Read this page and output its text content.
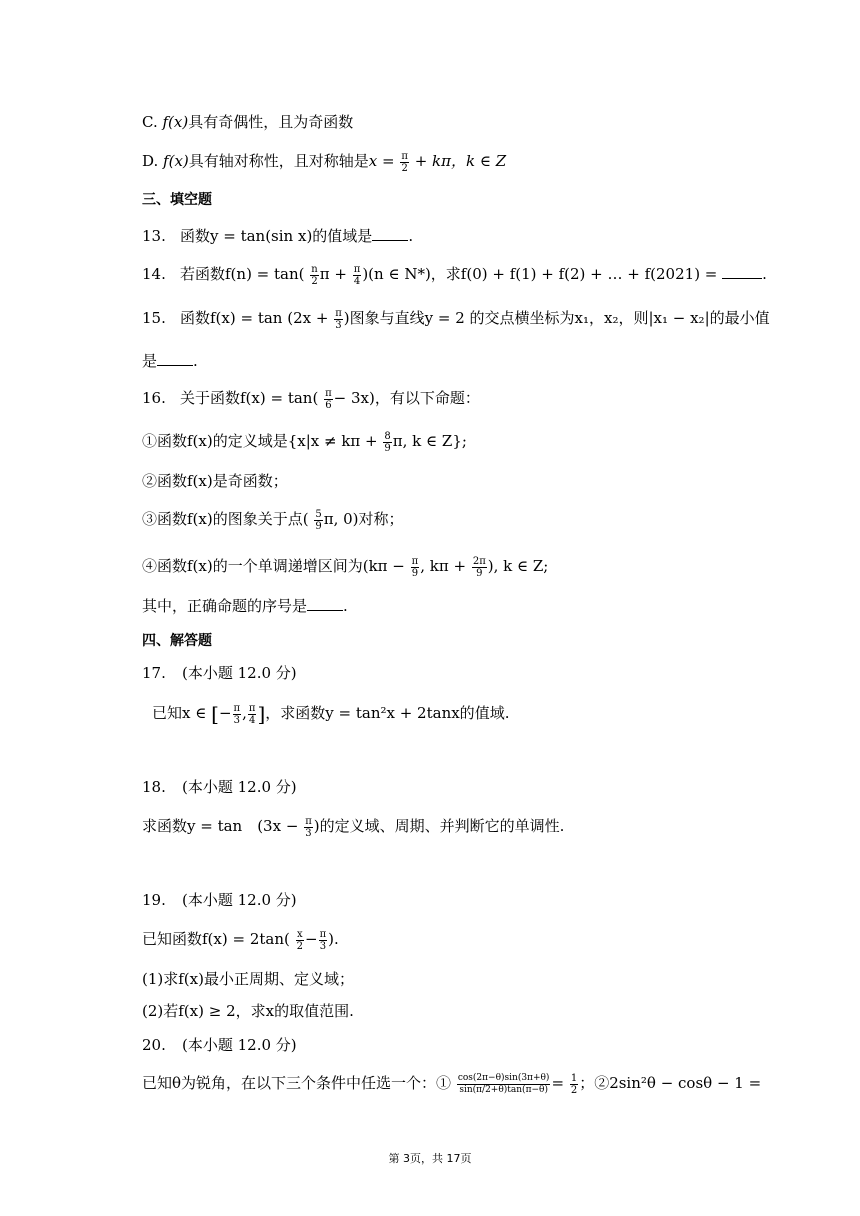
C. f(x)具有奇偶性，且为奇函数
D. f(x)具有轴对称性，且对称轴是$x = \frac{\pi}{2} + k\pi$，k ∈ Z
三、填空题
13. 函数y = tan(sin x)的值域是 .
14. 若函数$f(n) = \tan( \frac{n}{2}$ $\pi + \frac{\pi}{4} )(n$ ∈ N*)，求f(0) + f(1) + f(2) + … + f(2021) =	.
15. 函数$f(x) = \tan (2x + \frac{\pi}{3}$ )图象与直线y = 2 的交点横坐标为x₁，x₂，则|x₁ − x₂|的最小值
是 .
16. 关于函数$f(x) = \tan( \frac{\pi}{6} - 3x)$，有以下命题：
①函数f(x)的定义域是{$x|x \ne k\pi + \frac{8}{9} \pi$, k ∈ Z};
②函数f(x)是奇函数；
③函数f(x)的图象关于点( $\frac{5}{9} \pi$, 0)对称；
④函数f(x)的一个单调递增区间为($k\pi - \frac{\pi}{9}$ , $k\pi + \frac{2\pi}{9}$ ), k ∈ Z;
其中，正确命题的序号是 .
四、解答题
17. (本小题 12.0 分)
已知x ∈ [− $\frac{\pi}{3}$ , $\frac{\pi}{4}$ ]，求函数y = tan²x + 2tanx的值域.
18. (本小题 12.0 分)
求函数y = tan　($3x - \frac{\pi}{3}$ )的定义域、周期、并判断它的单调性.
19. (本小题 12.0 分)
已知函数$f(x) = 2\tan( \frac{x}{2} - \frac{\pi}{3}$ ).
(1)求f(x)最小正周期、定义域；
(2)若f(x) ≥ 2，求x的取值范围.
20. (本小题 12.0 分)
已知θ为锐角，在以下三个条件中任选一个：① $\frac{\cos(2\pi-\theta)\sin(3\pi+\theta)}{\sin(\pi/2+\theta)\tan(\pi-\theta)} = \frac{1}{2}$ ；②2sin²θ − cosθ − 1 =
第 3页，共 17页
